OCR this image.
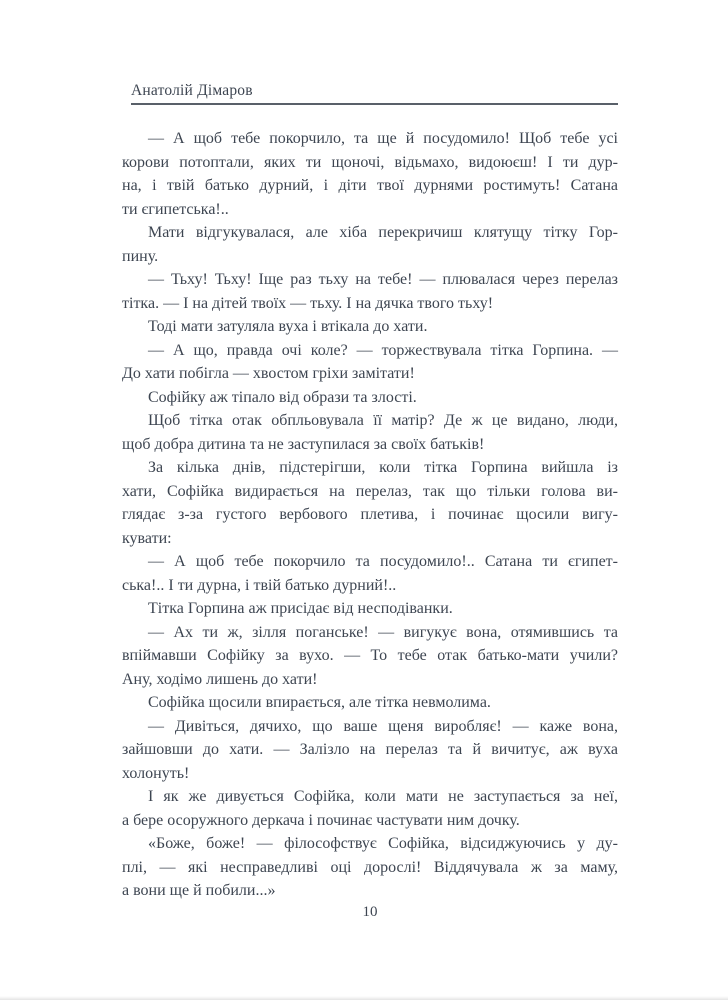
Анатолій Дімаров
— А щоб тебе покорчило, та ще й посудомило! Щоб тебе усі
корови потоптали, яких ти щоночі, відьмахо, видоюєш! І ти дур-
на, і твій батько дурний, і діти твої дурнями ростимуть! Сатана
ти єгипетська!..
Мати відгукувалася, але хіба перекричиш клятущу тітку Гор-
пину.
— Тьху! Тьху! Іще раз тьху на тебе! — плювалася через перелаз
тітка. — І на дітей твоїх — тьху. І на дячка твого тьху!
Тоді мати затуляла вуха і втікала до хати.
— А що, правда очі коле? — торжествувала тітка Горпина. —
До хати побігла — хвостом гріхи замітати!
Софійку аж тіпало від образи та злості.
Щоб тітка отак обпльовувала її матір? Де ж це видано, люди,
щоб добра дитина та не заступилася за своїх батьків!
За кілька днів, підстерігши, коли тітка Горпина вийшла із
хати, Софійка видирається на перелаз, так що тільки голова ви-
глядає з-за густого вербового плетива, і починає щосили вигу-
кувати:
— А щоб тебе покорчило та посудомило!.. Сатана ти єгипет-
ська!.. І ти дурна, і твій батько дурний!..
Тітка Горпина аж присідає від несподіванки.
— Ах ти ж, зілля поганське! — вигукує вона, отямившись та
впіймавши Софійку за вухо. — То тебе отак батько-мати учили?
Ану, ходімо лишень до хати!
Софійка щосили впирається, але тітка невмолима.
— Дивіться, дячихо, що ваше щеня виробляє! — каже вона,
зайшовши до хати. — Залізло на перелаз та й вичитує, аж вуха
холонуть!
І як же дивується Софійка, коли мати не заступається за неї,
а бере осоружного деркача і починає частувати ним дочку.
«Боже, боже! — філософствує Софійка, відсиджуючись у ду-
плі, — які несправедливі оці дорослі! Віддячувала ж за маму,
а вони ще й побили...»
10
